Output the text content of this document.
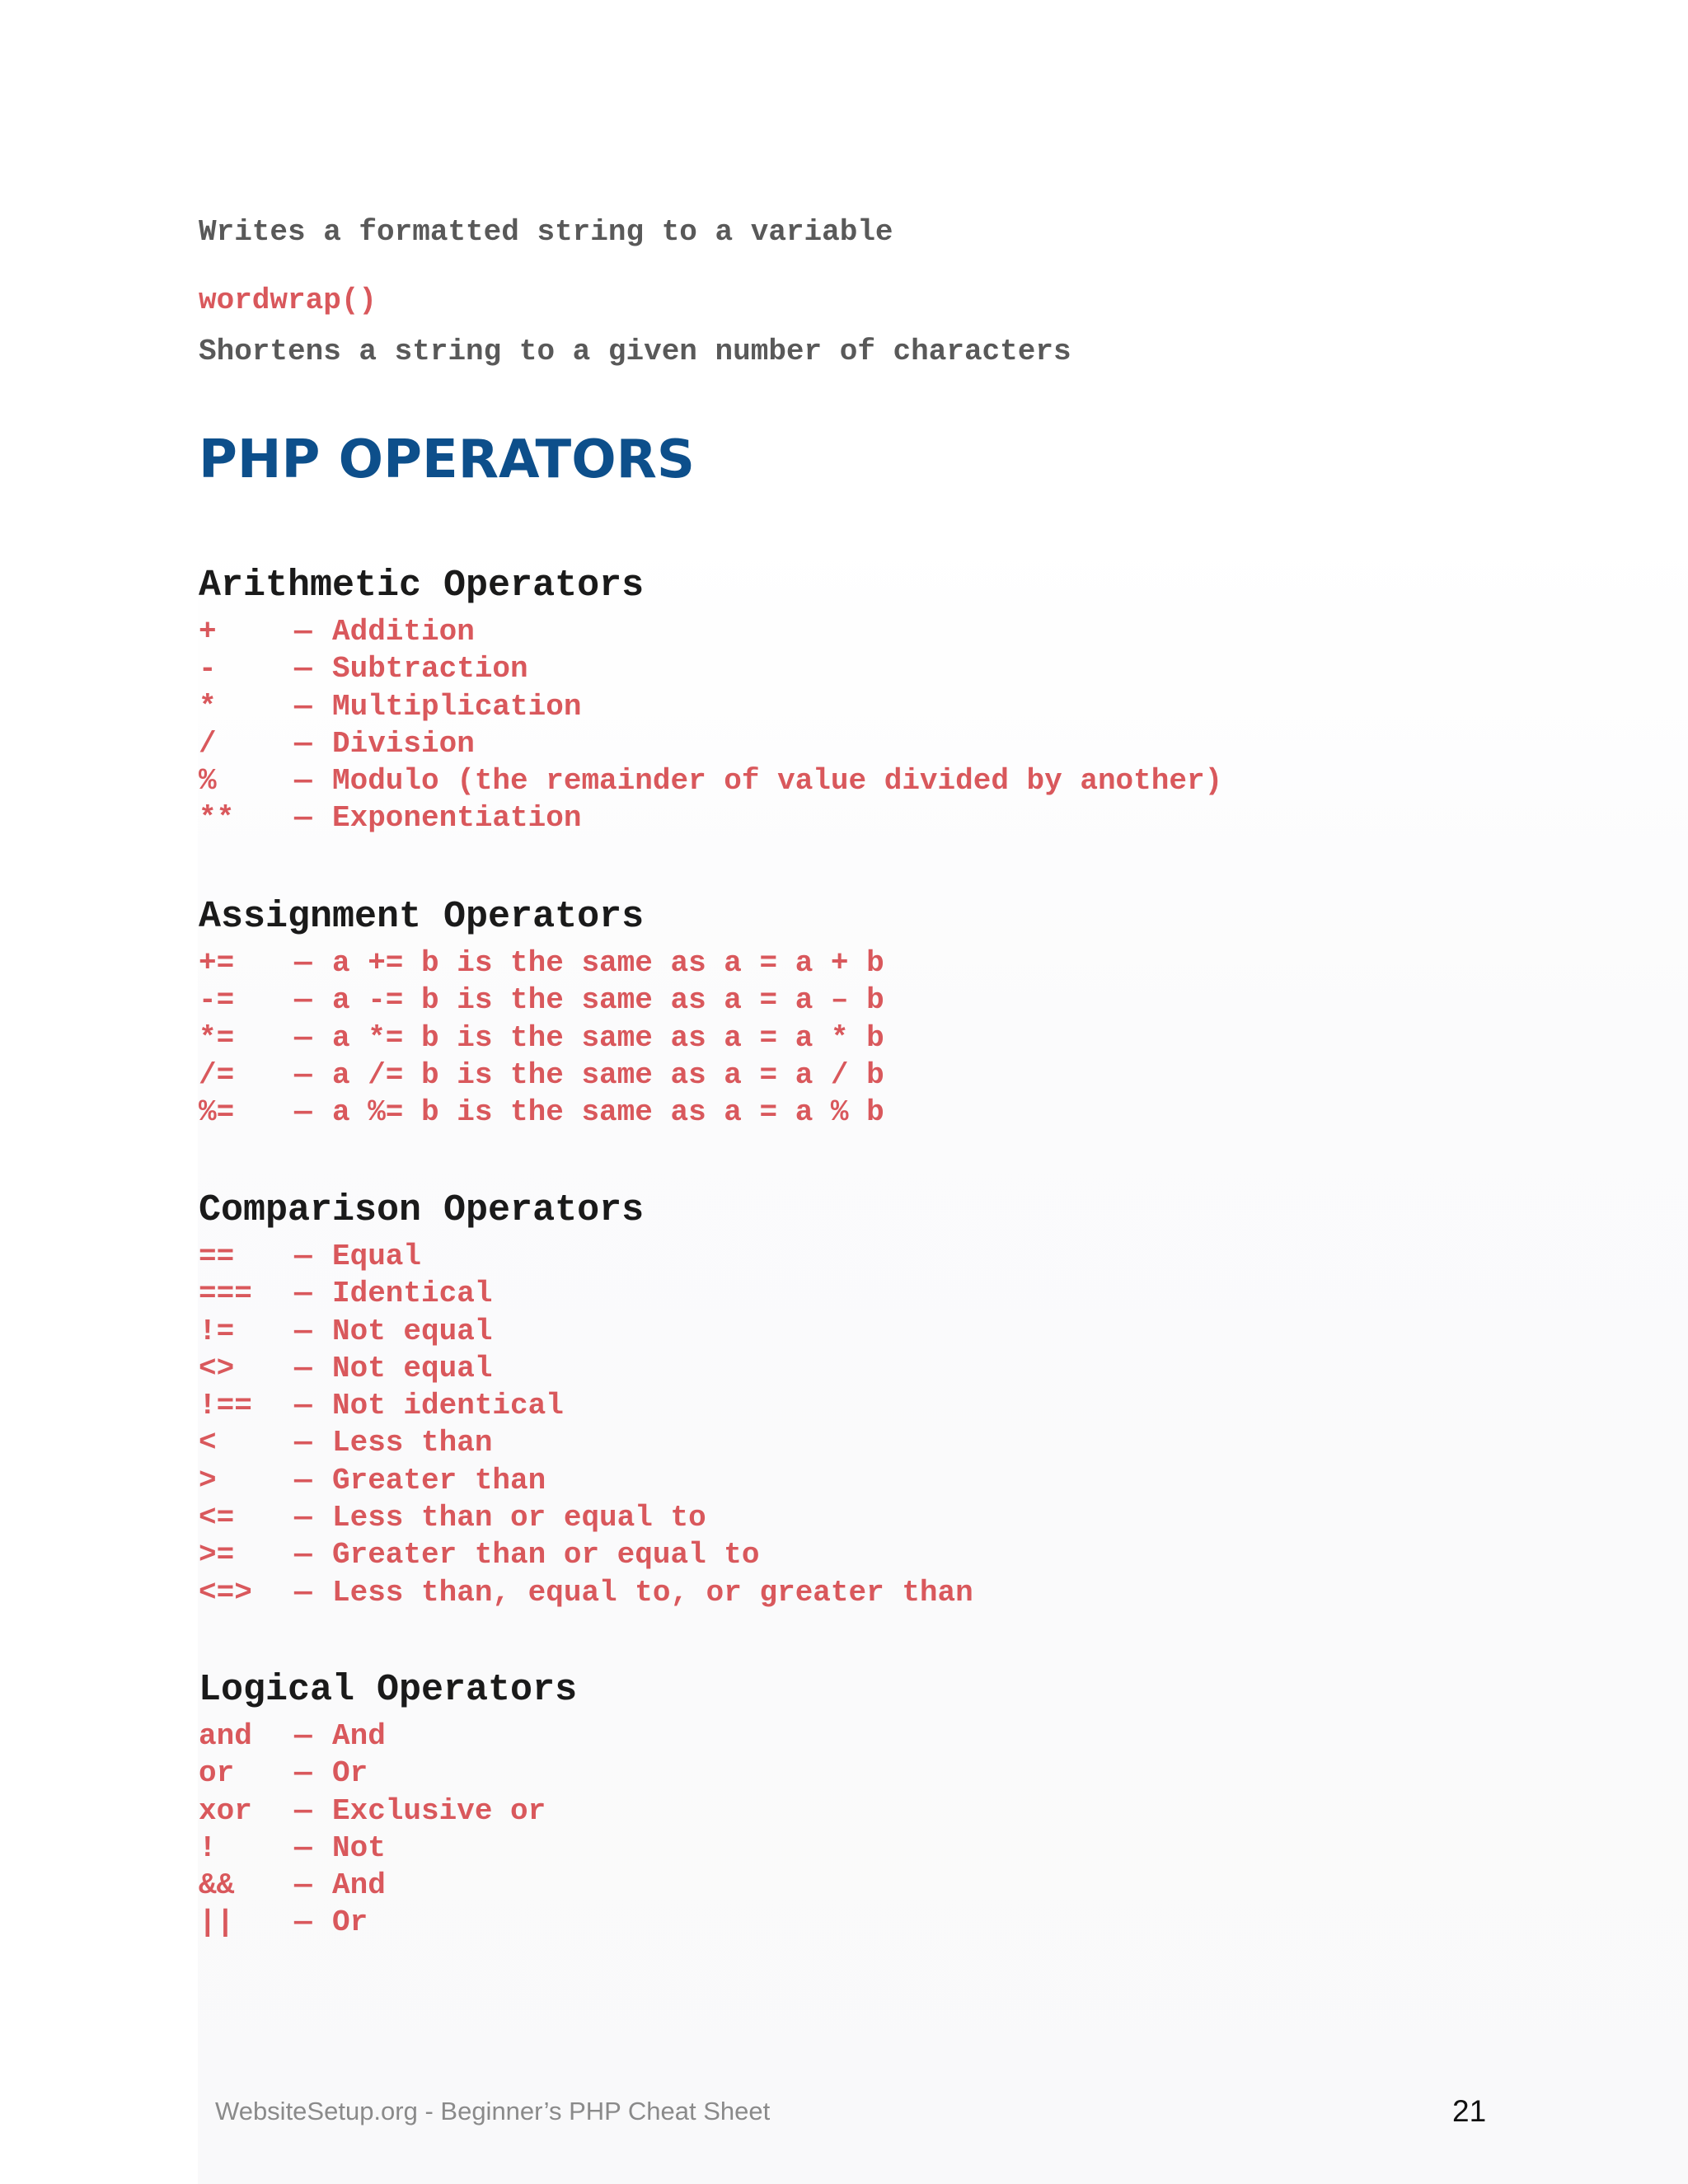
Writes a formatted string to a variable
wordwrap()
Shortens a string to a given number of characters
PHP OPERATORS
Arithmetic Operators
+	— Addition
-	— Subtraction
*	— Multiplication
/	— Division
%	— Modulo (the remainder of value divided by another)
**	— Exponentiation
Assignment Operators
+=	— a += b is the same as a = a + b
-=	— a -= b is the same as a = a – b
*=	— a *= b is the same as a = a * b
/=	— a /= b is the same as a = a / b
%=	— a %= b is the same as a = a % b
Comparison Operators
==	— Equal
===	— Identical
!=	— Not equal
<>	— Not equal
!==	— Not identical
<	— Less than
>	— Greater than
<=	— Less than or equal to
>=	— Greater than or equal to
<=>	— Less than, equal to, or greater than
Logical Operators
and	— And
or	— Or
xor	— Exclusive or
!	— Not
&&	— And
||	— Or
WebsiteSetup.org - Beginner’s PHP Cheat Sheet	21
